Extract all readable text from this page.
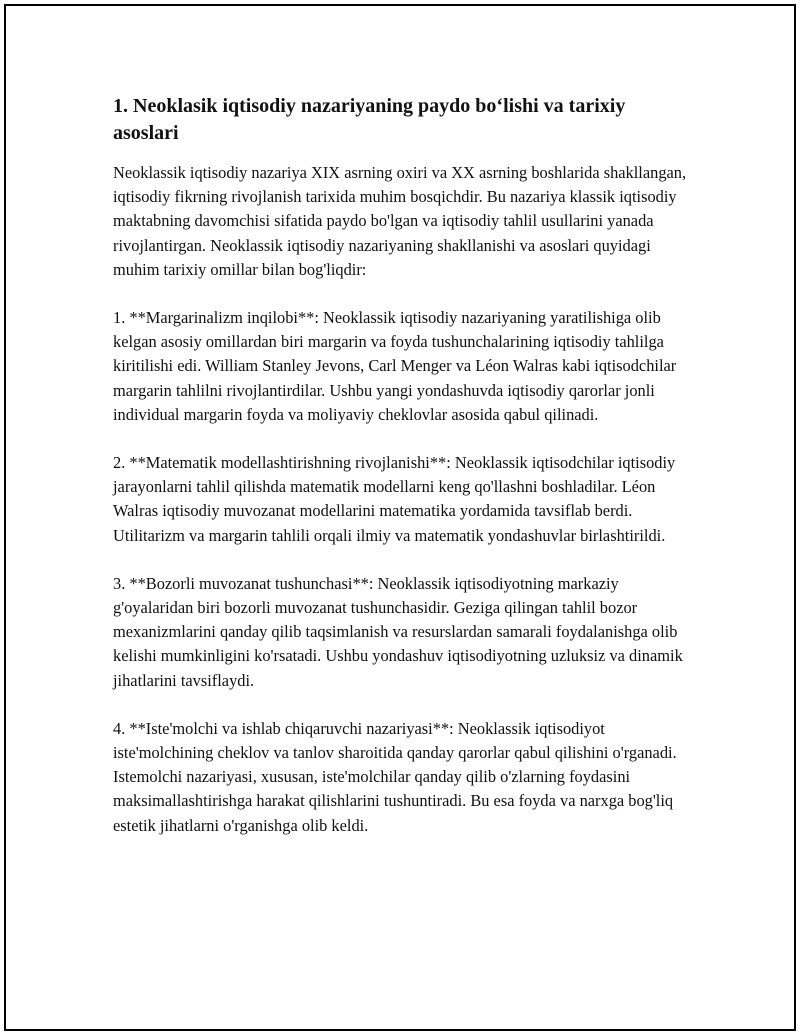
1. Neoklasik iqtisodiy nazariyaning paydo boʻlishi va tarixiy asoslari

Neoklassik iqtisodiy nazariya XIX asrning oxiri va XX asrning boshlarida shakllangan, iqtisodiy fikrning rivojlanish tarixida muhim bosqichdir. Bu nazariya klassik iqtisodiy maktabning davomchisi sifatida paydo bo'lgan va iqtisodiy tahlil usullarini yanada rivojlantirgan. Neoklassik iqtisodiy nazariyaning shakllanishi va asoslari quyidagi muhim tarixiy omillar bilan bog'liqdir:

1. **Margarinalizm inqilobi**: Neoklassik iqtisodiy nazariyaning yaratilishiga olib kelgan asosiy omillardan biri margarin va foyda tushunchalarining iqtisodiy tahlilga kiritilishi edi. William Stanley Jevons, Carl Menger va Léon Walras kabi iqtisodchilar margarin tahlilni rivojlantirdilar. Ushbu yangi yondashuvda iqtisodiy qarorlar jonli individual margarin foyda va moliyaviy cheklovlar asosida qabul qilinadi.

2. **Matematik modellashtirishning rivojlanishi**: Neoklassik iqtisodchilar iqtisodiy jarayonlarni tahlil qilishda matematik modellarni keng qo'llashni boshladilar. Léon Walras iqtisodiy muvozanat modellarini matematika yordamida tavsiflab berdi. Utilitarizm va margarin tahlili orqali ilmiy va matematik yondashuvlar birlashtirildi.

3. **Bozorli muvozanat tushunchasi**: Neoklassik iqtisodiyotning markaziy g'oyalaridan biri bozorli muvozanat tushunchasidir. Geziga qilingan tahlil bozor mexanizmlarini qanday qilib taqsimlanish va resurslardan samarali foydalanishga olib kelishi mumkinligini ko'rsatadi. Ushbu yondashuv iqtisodiyotning uzluksiz va dinamik jihatlarini tavsiflaydi.

4. **Iste'molchi va ishlab chiqaruvchi nazariyasi**: Neoklassik iqtisodiyot iste'molchining cheklov va tanlov sharoitida qanday qarorlar qabul qilishini o'rganadi. Istemolchi nazariyasi, xususan, iste'molchilar qanday qilib o'zlarning foydasini maksimallashtirishga harakat qilishlarini tushuntiradi. Bu esa foyda va narxga bog'liq estetik jihatlarni o'rganishga olib keldi.
